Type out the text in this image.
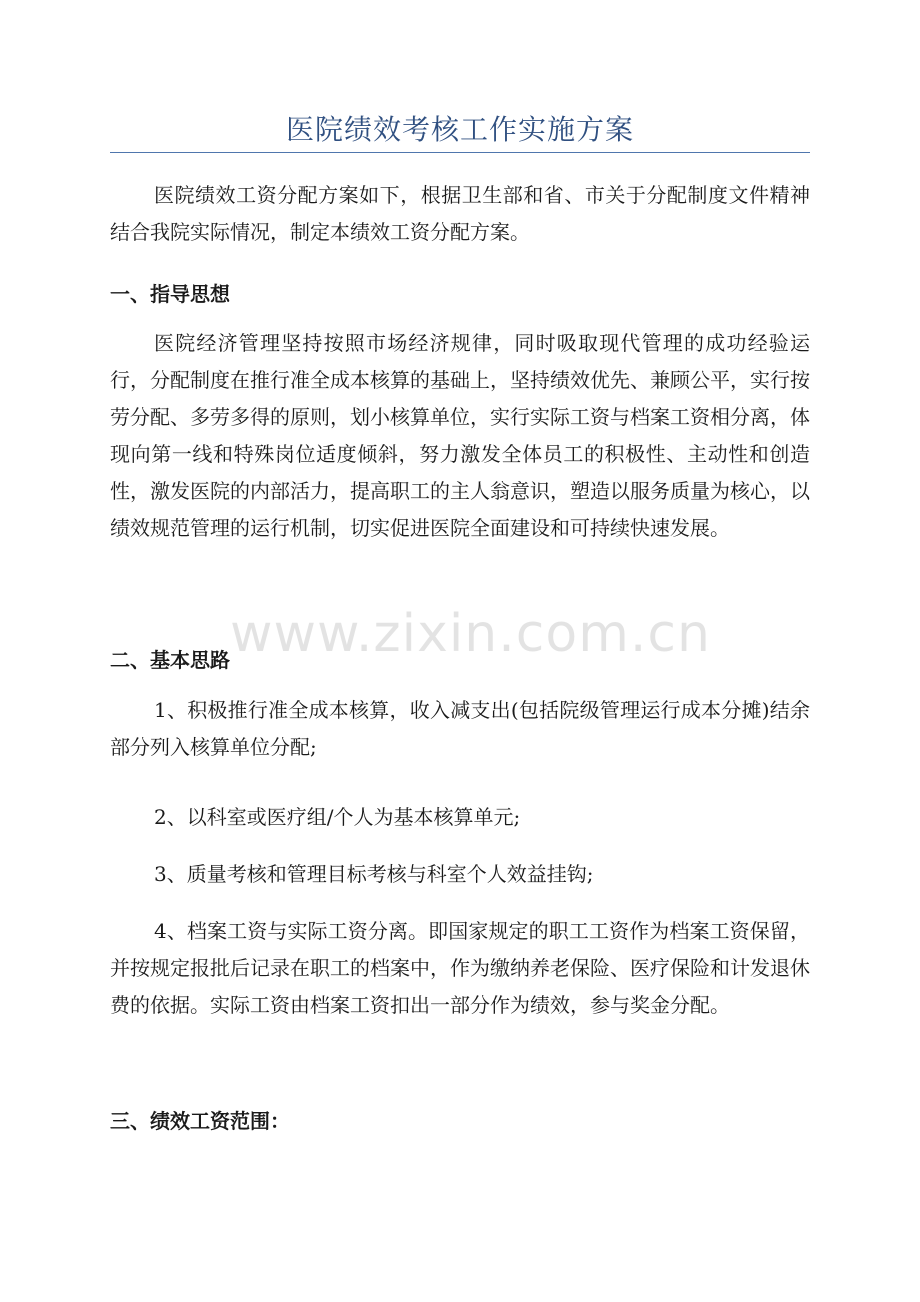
医院绩效考核工作实施方案

医院绩效工资分配方案如下，根据卫生部和省、市关于分配制度文件精神结合我院实际情况，制定本绩效工资分配方案。

一、指导思想

医院经济管理坚持按照市场经济规律，同时吸取现代管理的成功经验运行，分配制度在推行准全成本核算的基础上，坚持绩效优先、兼顾公平，实行按劳分配、多劳多得的原则，划小核算单位，实行实际工资与档案工资相分离，体现向第一线和特殊岗位适度倾斜，努力激发全体员工的积极性、主动性和创造性，激发医院的内部活力，提高职工的主人翁意识，塑造以服务质量为核心，以绩效规范管理的运行机制，切实促进医院全面建设和可持续快速发展。

二、基本思路

1、积极推行准全成本核算，收入减支出(包括院级管理运行成本分摊)结余部分列入核算单位分配;

2、以科室或医疗组/个人为基本核算单元;

3、质量考核和管理目标考核与科室个人效益挂钩;

4、档案工资与实际工资分离。即国家规定的职工工资作为档案工资保留，并按规定报批后记录在职工的档案中，作为缴纳养老保险、医疗保险和计发退休费的依据。实际工资由档案工资扣出一部分作为绩效，参与奖金分配。

三、绩效工资范围：
www.zixin.com.cn
